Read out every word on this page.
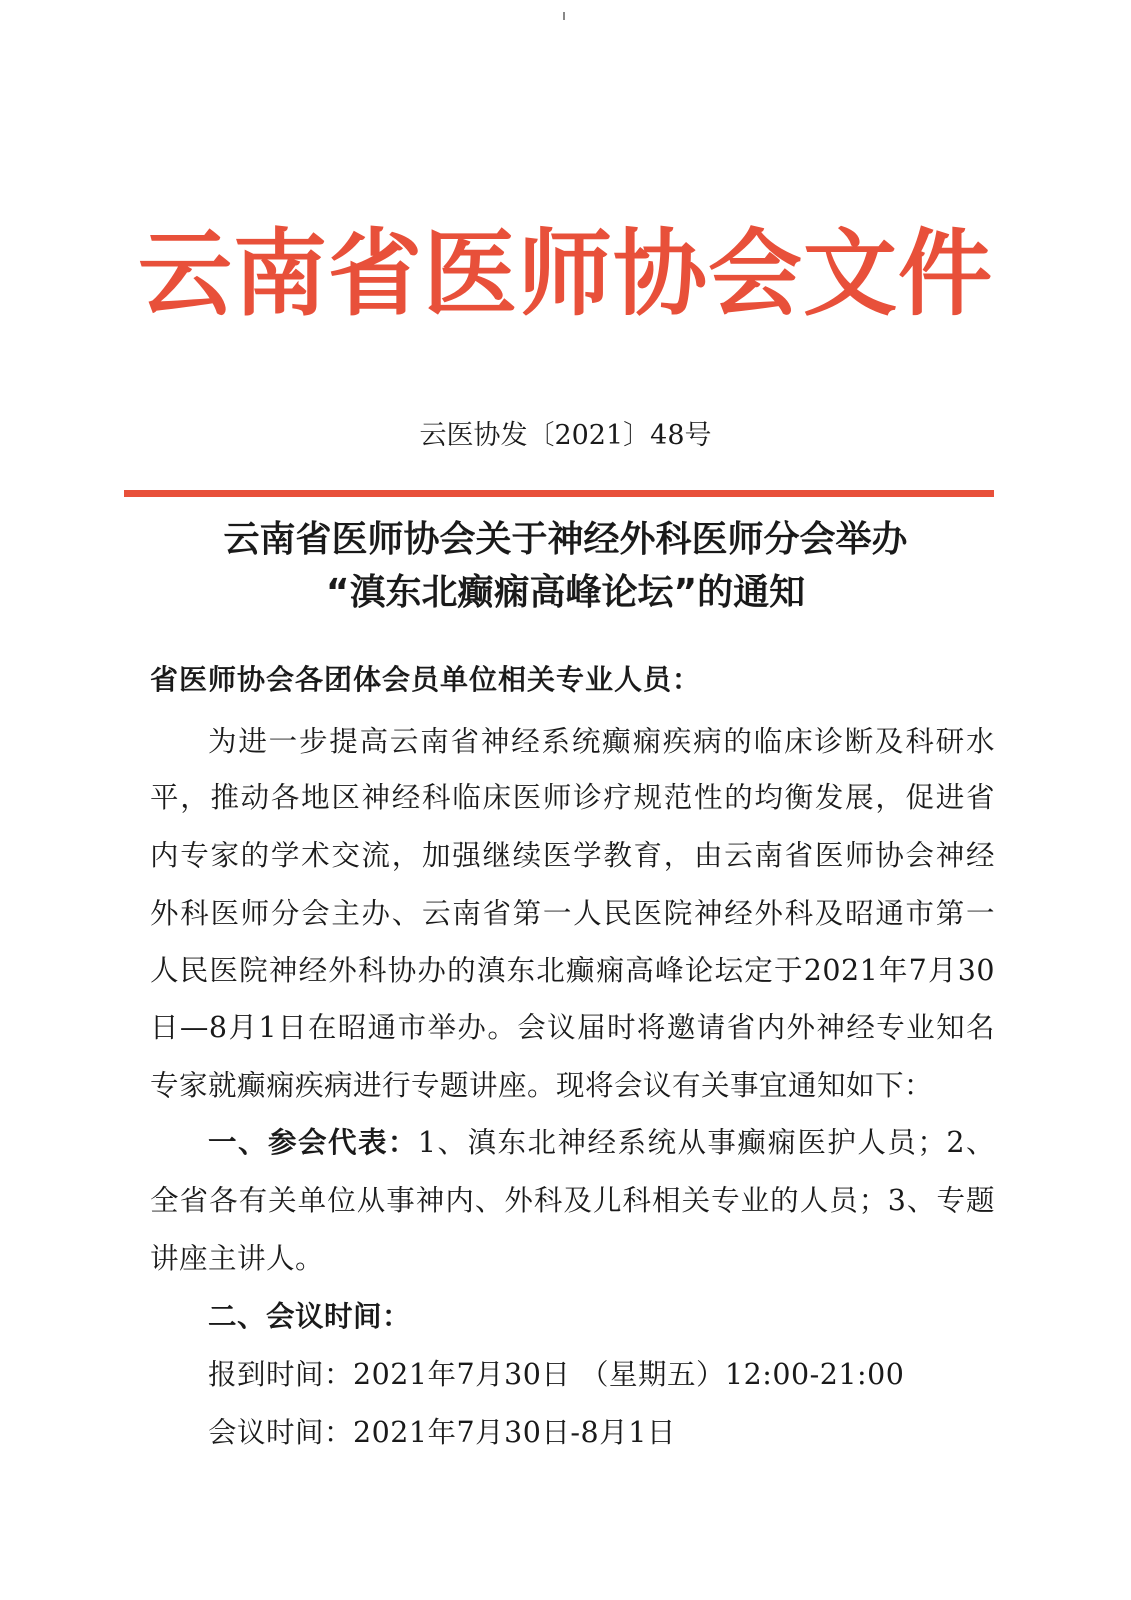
云南省医师协会文件
云医协发〔2021〕48号
云南省医师协会关于神经外科医师分会举办
“滇东北癫痫高峰论坛”的通知
省医师协会各团体会员单位相关专业人员：
为进一步提高云南省神经系统癫痫疾病的临床诊断及科研水
平，推动各地区神经科临床医师诊疗规范性的均衡发展，促进省
内专家的学术交流，加强继续医学教育，由云南省医师协会神经
外科医师分会主办、云南省第一人民医院神经外科及昭通市第一
人民医院神经外科协办的滇东北癫痫高峰论坛定于2021年7月30
日—8月1日在昭通市举办。会议届时将邀请省内外神经专业知名
专家就癫痫疾病进行专题讲座。现将会议有关事宜通知如下：
一、参会代表：1、滇东北神经系统从事癫痫医护人员；2、
全省各有关单位从事神内、外科及儿科相关专业的人员；3、专题
讲座主讲人。
二、会议时间：
报到时间：2021年7月30日 （星期五）12:00-21:00
会议时间：2021年7月30日-8月1日
